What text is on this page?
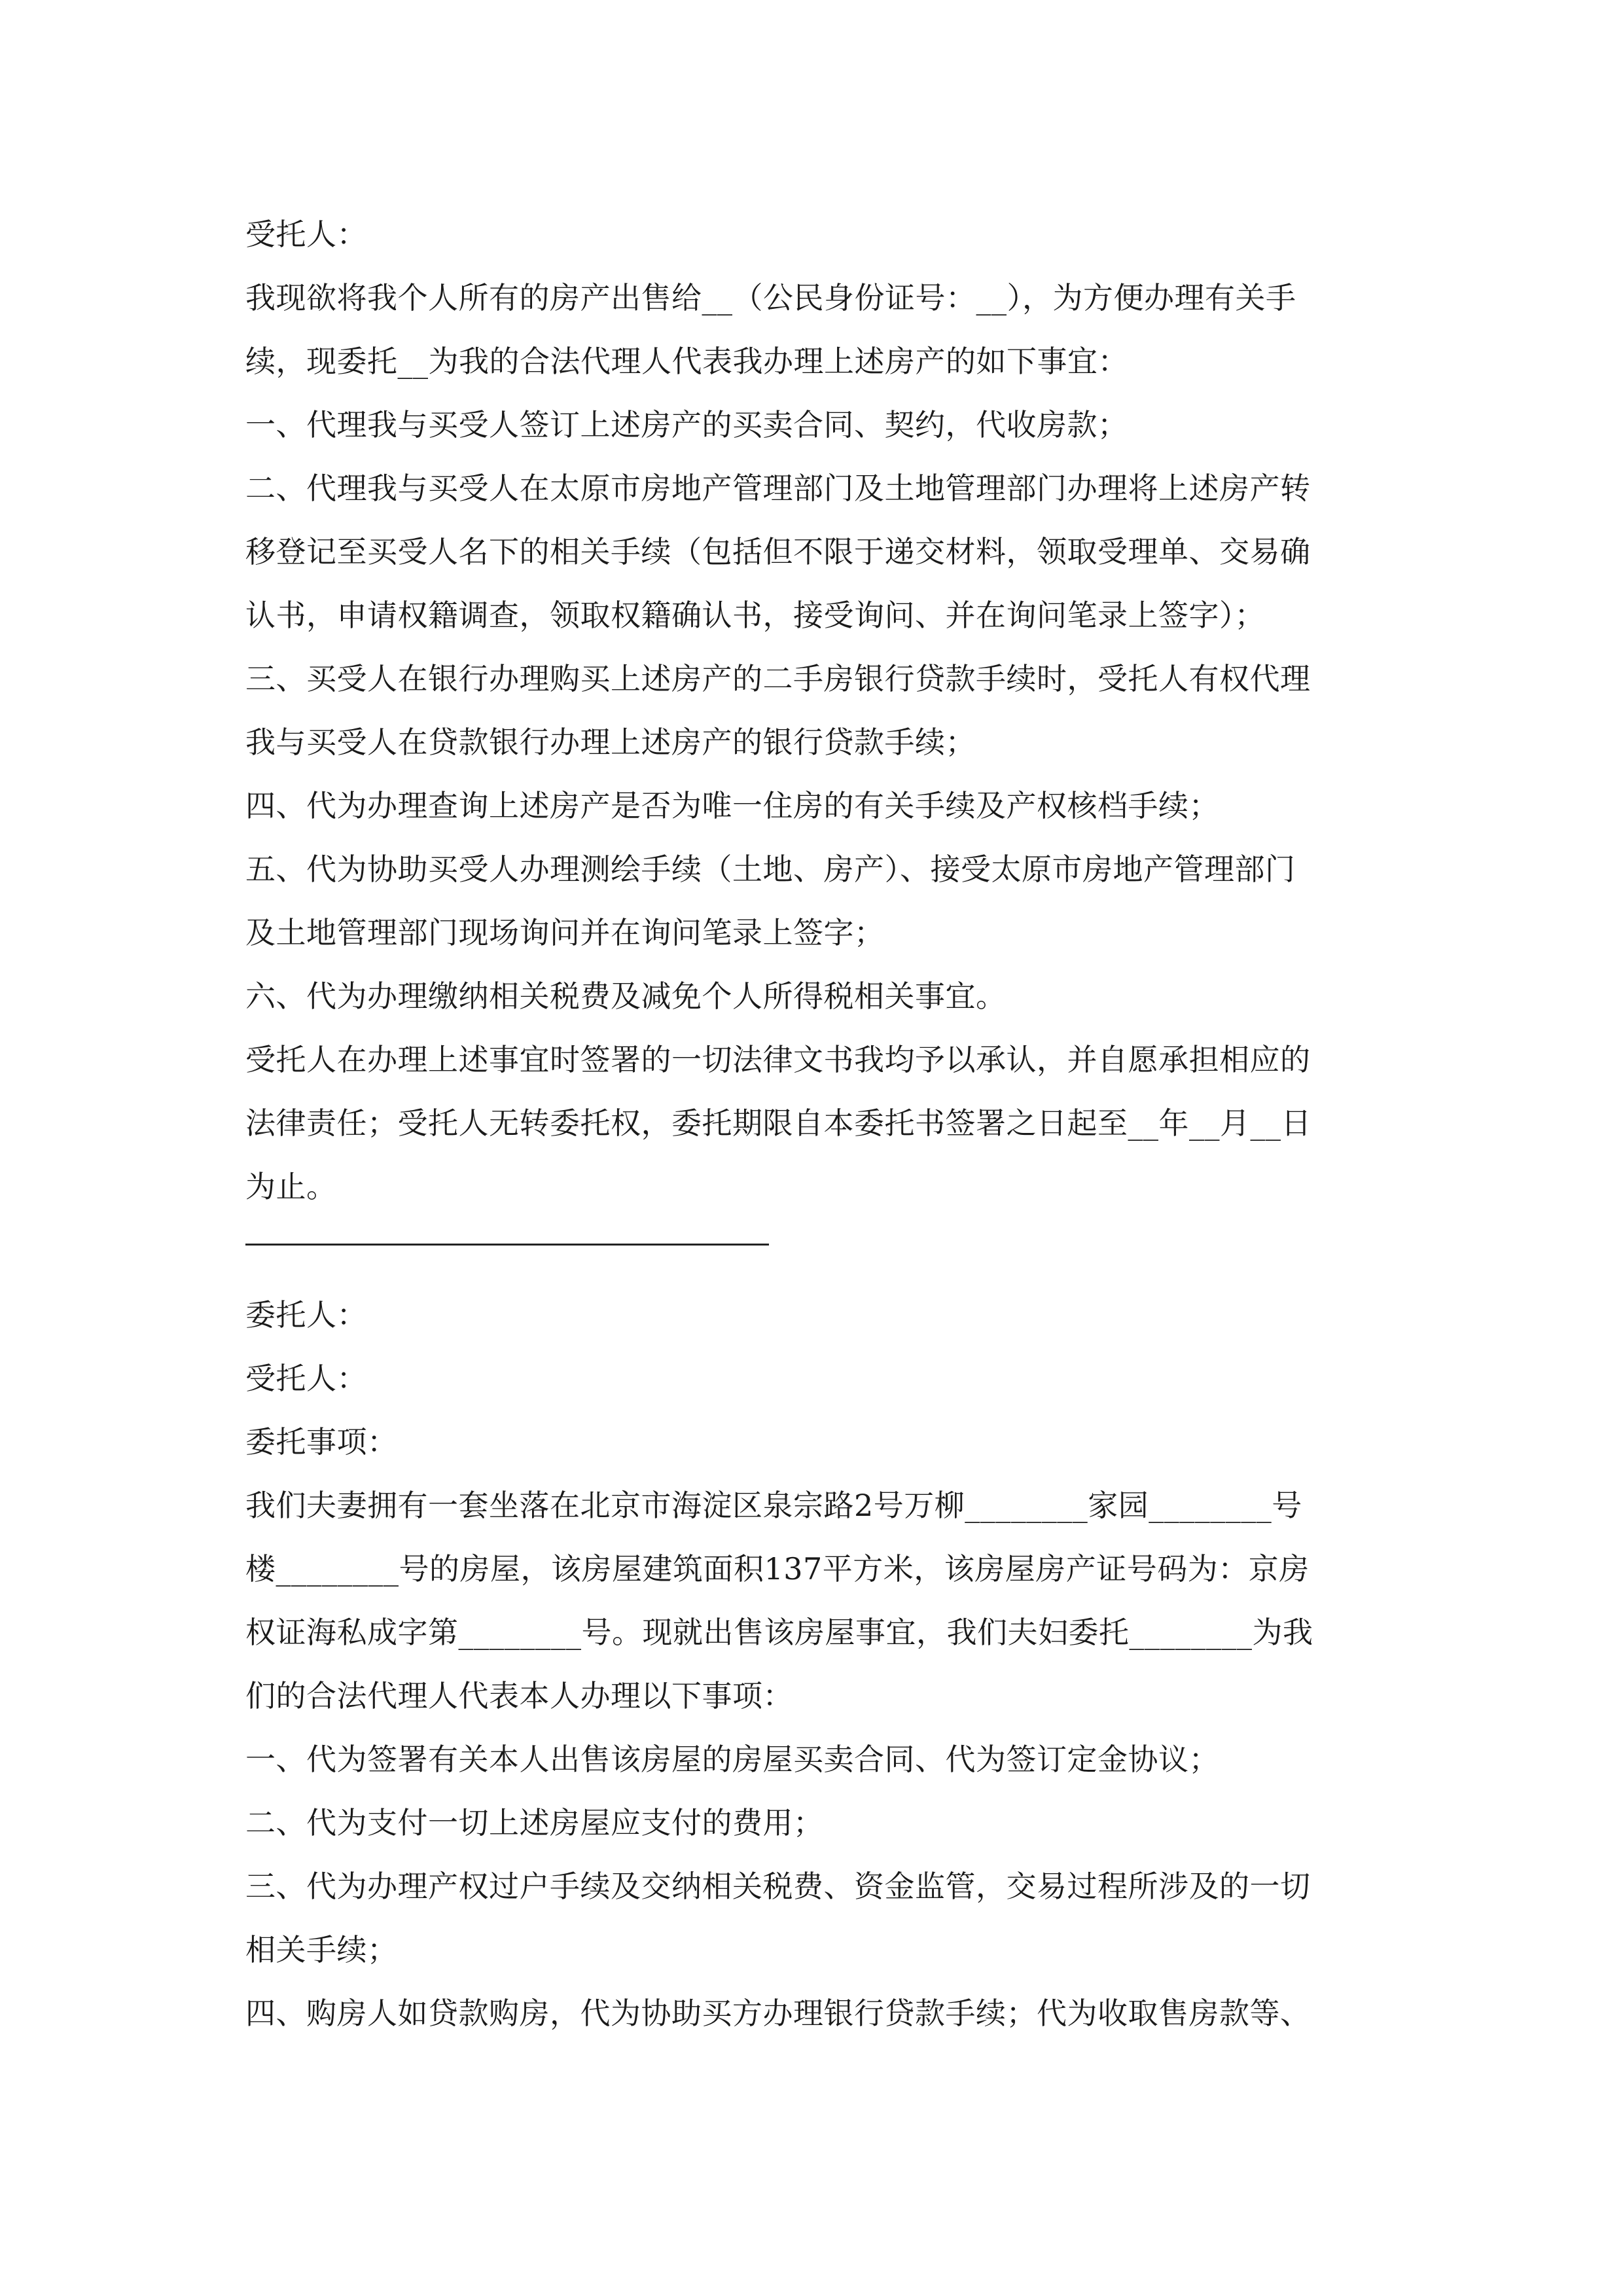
受托人：
我现欲将我个人所有的房产出售给__（公民身份证号：__），为方便办理有关手
续，现委托__为我的合法代理人代表我办理上述房产的如下事宜：
一、代理我与买受人签订上述房产的买卖合同、契约，代收房款；
二、代理我与买受人在太原市房地产管理部门及土地管理部门办理将上述房产转
移登记至买受人名下的相关手续（包括但不限于递交材料，领取受理单、交易确
认书，申请权籍调查，领取权籍确认书，接受询问、并在询问笔录上签字）；
三、买受人在银行办理购买上述房产的二手房银行贷款手续时，受托人有权代理
我与买受人在贷款银行办理上述房产的银行贷款手续；
四、代为办理查询上述房产是否为唯一住房的有关手续及产权核档手续；
五、代为协助买受人办理测绘手续（土地、房产）、接受太原市房地产管理部门
及土地管理部门现场询问并在询问笔录上签字；
六、代为办理缴纳相关税费及减免个人所得税相关事宜。
受托人在办理上述事宜时签署的一切法律文书我均予以承认，并自愿承担相应的
法律责任；受托人无转委托权，委托期限自本委托书签署之日起至__年__月__日
为止。
委托人：
受托人：
委托事项：
我们夫妻拥有一套坐落在北京市海淀区泉宗路2号万柳________家园________号
楼________号的房屋，该房屋建筑面积137平方米，该房屋房产证号码为：京房
权证海私成字第________号。现就出售该房屋事宜，我们夫妇委托________为我
们的合法代理人代表本人办理以下事项：
一、代为签署有关本人出售该房屋的房屋买卖合同、代为签订定金协议；
二、代为支付一切上述房屋应支付的费用；
三、代为办理产权过户手续及交纳相关税费、资金监管，交易过程所涉及的一切
相关手续；
四、购房人如贷款购房，代为协助买方办理银行贷款手续；代为收取售房款等、
